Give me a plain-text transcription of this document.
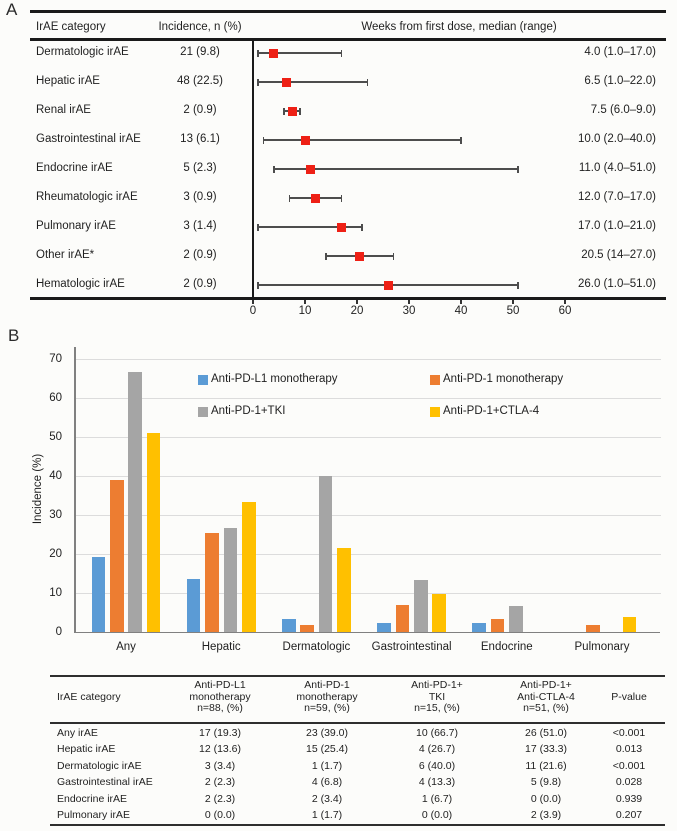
A
IrAE category	Incidence, n (%)	Weeks from first dose, median (range)
Dermatologic irAE	21 (9.8)	4.0 (1.0–17.0)
Hepatic irAE	48 (22.5)	6.5 (1.0–22.0)
Renal irAE	2 (0.9)	7.5 (6.0–9.0)
Gastrointestinal irAE	13 (6.1)	10.0 (2.0–40.0)
Endocrine irAE	5 (2.3)	11.0 (4.0–51.0)
Rheumatologic irAE	3 (0.9)	12.0 (7.0–17.0)
Pulmonary irAE	3 (1.4)	17.0 (1.0–21.0)
Other irAE*	2 (0.9)	20.5 (14–27.0)
Hematologic irAE	2 (0.9)	26.0 (1.0–51.0)
0	10	20	30	40	50	60
B
0
10
20
30
40
50
60
70
Any	Hepatic	Dermatologic	Gastrointestinal	Endocrine	Pulmonary
Anti-PD-L1 monotherapy	Anti-PD-1 monotherapy
Anti-PD-1+TKI	Anti-PD-1+CTLA-4
Incidence (%)
IrAE category
Anti-PD-L1
monotherapy
n=88, (%)
Anti-PD-1
monotherapy
n=59, (%)
Anti-PD-1+
TKI
n=15, (%)
Anti-PD-1+
Anti-CTLA-4
n=51, (%)
P-value
Any irAE	17 (19.3)	23 (39.0)	10 (66.7)	26 (51.0)	<0.001
Hepatic irAE	12 (13.6)	15 (25.4)	4 (26.7)	17 (33.3)	0.013
Dermatologic irAE	3 (3.4)	1 (1.7)	6 (40.0)	11 (21.6)	<0.001
Gastrointestinal irAE	2 (2.3)	4 (6.8)	4 (13.3)	5 (9.8)	0.028
Endocrine irAE	2 (2.3)	2 (3.4)	1 (6.7)	0 (0.0)	0.939
Pulmonary irAE	0 (0.0)	1 (1.7)	0 (0.0)	2 (3.9)	0.207
